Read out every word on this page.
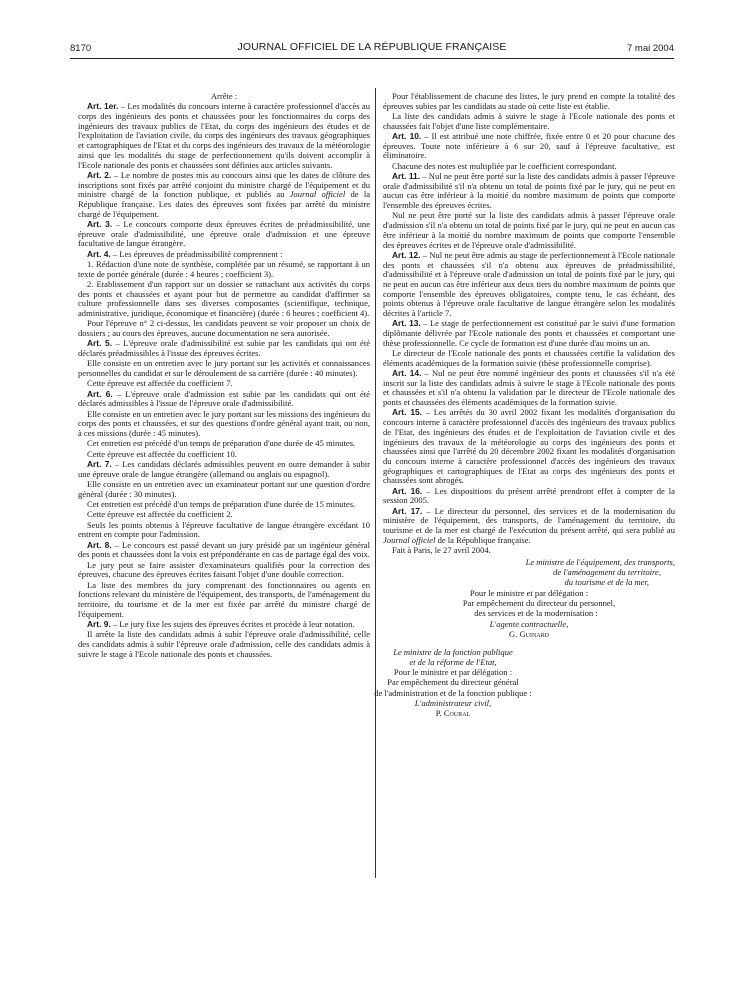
8170	JOURNAL OFFICIEL DE LA RÉPUBLIQUE FRANÇAISE	7 mai 2004

Arrête :

Art. 1er. – Les modalités du concours interne à caractère professionnel d'accès au corps des ingénieurs des ponts et chaussées pour les fonctionnaires du corps des ingénieurs des travaux publics de l'Etat, du corps des ingénieurs des études et de l'exploitation de l'aviation civile, du corps des ingénieurs des travaux géographiques et cartographiques de l'Etat et du corps des ingénieurs des travaux de la météorologie ainsi que les modalités du stage de perfectionnement qu'ils doivent accomplir à l'Ecole nationale des ponts et chaussées sont définies aux articles suivants.

Art. 2. – Le nombre de postes mis au concours ainsi que les dates de clôture des inscriptions sont fixés par arrêté conjoint du ministre chargé de l'équipement et du ministre chargé de la fonction publique, et publiés au Journal officiel de la République française. Les dates des épreuves sont fixées par arrêté du ministre chargé de l'équipement.

Art. 3. – Le concours comporte deux épreuves écrites de préadmissibilité, une épreuve orale d'admissibilité, une épreuve orale d'admission et une épreuve facultative de langue étrangère.

Art. 4. – Les épreuves de préadmissibilité comprennent :

1. Rédaction d'une note de synthèse, complétée par un résumé, se rapportant à un texte de portée générale (durée : 4 heures ; coefficient 3).

2. Etablissement d'un rapport sur un dossier se rattachant aux activités du corps des ponts et chaussées et ayant pour but de permettre au candidat d'affirmer sa culture professionnelle dans ses diverses composantes (scientifique, technique, administrative, juridique, économique et financière) (durée : 6 heures ; coefficient 4).

Pour l'épreuve n° 2 ci-dessus, les candidats peuvent se voir proposer un choix de dossiers ; au cours des épreuves, aucune documentation ne sera autorisée.

Art. 5. – L'épreuve orale d'admissibilité est subie par les candidats qui ont été déclarés préadmissibles à l'issue des épreuves écrites.

Elle consiste en un entretien avec le jury portant sur les activités et connaissances personnelles du candidat et sur le déroulement de sa carrière (durée : 40 minutes).

Cette épreuve est affectée du coefficient 7.

Art. 6. – L'épreuve orale d'admission est subie par les candidats qui ont été déclarés admissibles à l'issue de l'épreuve orale d'admissibilité.

Elle consiste en un entretien avec le jury portant sur les missions des ingénieurs du corps des ponts et chaussées, et sur des questions d'ordre général ayant trait, ou non, à ces missions (durée : 45 minutes).

Cet entretien est précédé d'un temps de préparation d'une durée de 45 minutes.

Cette épreuve est affectée du coefficient 10.

Art. 7. – Les candidats déclarés admissibles peuvent en outre demander à subir une épreuve orale de langue étrangère (allemand ou anglais ou espagnol).

Elle consiste en un entretien avec un examinateur portant sur une question d'ordre général (durée : 30 minutes).

Cet entretien est précédé d'un temps de préparation d'une durée de 15 minutes.

Cette épreuve est affectée du coefficient 2.

Seuls les points obtenus à l'épreuve facultative de langue étrangère excédant 10 entrent en compte pour l'admission.

Art. 8. – Le concours est passé devant un jury présidé par un ingénieur général des ponts et chaussées dont la voix est prépondérante en cas de partage égal des voix.

Le jury peut se faire assister d'examinateurs qualifiés pour la correction des épreuves, chacune des épreuves écrites faisant l'objet d'une double correction.

La liste des membres du jury comprenant des fonctionnaires ou agents en fonctions relevant du ministère de l'équipement, des transports, de l'aménagement du territoire, du tourisme et de la mer est fixée par arrêté du ministre chargé de l'équipement.

Art. 9. – Le jury fixe les sujets des épreuves écrites et procède à leur notation.

Il arrête la liste des candidats admis à subir l'épreuve orale d'admissibilité, celle des candidats admis à subir l'épreuve orale d'admission, celle des candidats admis à suivre le stage à l'Ecole nationale des ponts et chaussées.

Pour l'établissement de chacune des listes, le jury prend en compte la totalité des épreuves subies par les candidats au stade où cette liste est établie.

La liste des candidats admis à suivre le stage à l'Ecole nationale des ponts et chaussées fait l'objet d'une liste complémentaire.

Art. 10. – Il est attribué une note chiffrée, fixée entre 0 et 20 pour chacune des épreuves. Toute note inférieure à 6 sur 20, sauf à l'épreuve facultative, est éliminatoire.

Chacune des notes est multipliée par le coefficient correspondant.

Art. 11. – Nul ne peut être porté sur la liste des candidats admis à passer l'épreuve orale d'admissibilité s'il n'a obtenu un total de points fixé par le jury, qui ne peut en aucun cas être inférieur à la moitié du nombre maximum de points que comporte l'ensemble des épreuves écrites.

Nul ne peut être porté sur la liste des candidats admis à passer l'épreuve orale d'admission s'il n'a obtenu un total de points fixé par le jury, qui ne peut en aucun cas être inférieur à la moitié du nombre maximum de points que comporte l'ensemble des épreuves écrites et de l'épreuve orale d'admissibilité.

Art. 12. – Nul ne peut être admis au stage de perfectionnement à l'Ecole nationale des ponts et chaussées s'il n'a obtenu aux épreuves de préadmissibilité, d'admissibilité et à l'épreuve orale d'admission un total de points fixé par le jury, qui ne peut en aucun cas être inférieur aux deux tiers du nombre maximum de points que comporte l'ensemble des épreuves obligatoires, compte tenu, le cas échéant, des points obtenus à l'épreuve orale facultative de langue étrangère selon les modalités décrites à l'article 7.

Art. 13. – Le stage de perfectionnement est constitué par le suivi d'une formation diplômante délivrée par l'Ecole nationale des ponts et chaussées et comportant une thèse professionnelle. Ce cycle de formation est d'une durée d'au moins un an.

Le directeur de l'Ecole nationale des ponts et chaussées certifie la validation des éléments académiques de la formation suivie (thèse professionnelle comprise).

Art. 14. – Nul ne peut être nommé ingénieur des ponts et chaussées s'il n'a été inscrit sur la liste des candidats admis à suivre le stage à l'Ecole nationale des ponts et chaussées et s'il n'a obtenu la validation par le directeur de l'Ecole nationale des ponts et chaussées des éléments académiques de la formation suivie.

Art. 15. – Les arrêtés du 30 avril 2002 fixant les modalités d'organisation du concours interne à caractère professionnel d'accès des ingénieurs des travaux publics de l'Etat, des ingénieurs des études et de l'exploitation de l'aviation civile et des ingénieurs des travaux de la météorologie au corps des ingénieurs des ponts et chaussées ainsi que l'arrêté du 20 décembre 2002 fixant les modalités d'organisation du concours interne à caractère professionnel d'accès des ingénieurs des travaux géographiques et cartographiques de l'Etat au corps des ingénieurs des ponts et chaussées sont abrogés.

Art. 16. – Les dispositions du présent arrêté prendront effet à compter de la session 2005.

Art. 17. – Le directeur du personnel, des services et de la modernisation du ministère de l'équipement, des transports, de l'aménagement du territoire, du tourisme et de la mer est chargé de l'exécution du présent arrêté, qui sera publié au Journal officiel de la République française.

Fait à Paris, le 27 avril 2004.

Le ministre de l'équipement, des transports,

de l'aménagement du territoire,

du tourisme et de la mer,

Pour le ministre et par délégation :

Par empêchement du directeur du personnel,

des services et de la modernisation :

L'agente contractuelle,

G. Guinard

Le ministre de la fonction publique

et de la réforme de l'Etat,

Pour le ministre et par délégation :

Par empêchement du directeur général

de l'administration et de la fonction publique :

L'administrateur civil,

P. Coural
